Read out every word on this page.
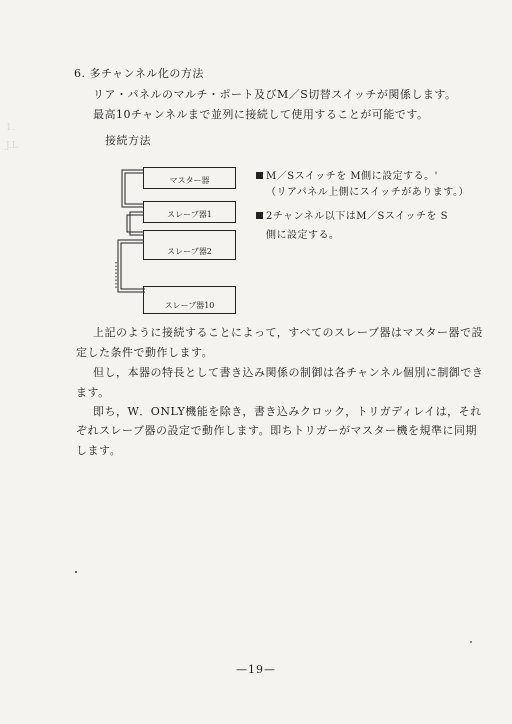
6. 多チャンネル化の方法
リア・パネルのマルチ・ポート及びM／S切替スイッチが関係します。
最高10チャンネルまで並列に接続して使用することが可能です。
接続方法
1.
J.L
マスター器
スレーブ器1
スレーブ器2
スレーブ器10
M／Sスイッチを M側に設定する。'
（リアパネル上側にスイッチがあります。）
2チャンネル以下はM／Sスイッチを S
側に設定する。
上記のように接続することによって，すべてのスレーブ器はマスター器で設
定した条件で動作します。
但し，本器の特長として書き込み関係の制御は各チャンネル個別に制御でき
ます。
即ち，W．ONLY機能を除き，書き込みクロック，トリガディレイは，それ
ぞれスレーブ器の設定で動作します。即ちトリガーがマスター機を規準に同期
します。
—19—
